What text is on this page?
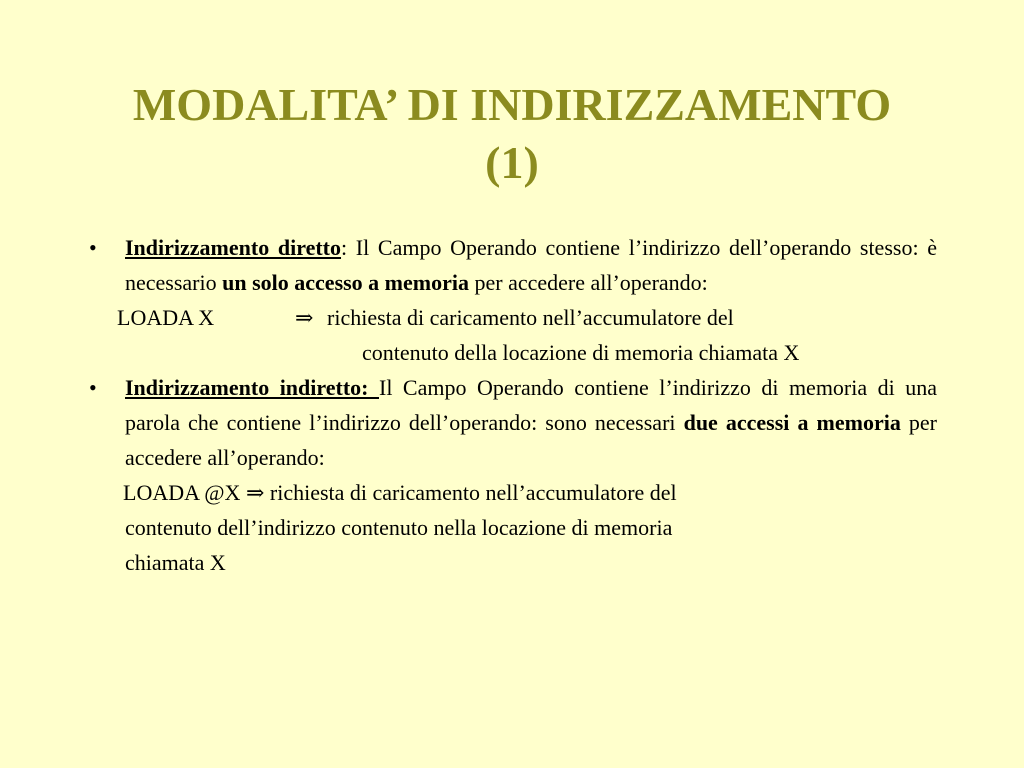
MODALITA’ DI INDIRIZZAMENTO
(1)
• Indirizzamento diretto: Il Campo Operando contiene l’indirizzo dell’operando stesso: è necessario un solo accesso a memoria per accedere all’operando:
LOADA X	⇒ richiesta di caricamento nell’accumulatore del
contenuto della locazione di memoria chiamata X
• Indirizzamento indiretto: Il Campo Operando contiene l’indirizzo di memoria di una parola che contiene l’indirizzo dell’operando: sono necessari due accessi a memoria per accedere all’operando:
LOADA @X ⇒ richiesta di caricamento nell’accumulatore del
contenuto dell’indirizzo contenuto nella locazione di memoria
chiamata X
